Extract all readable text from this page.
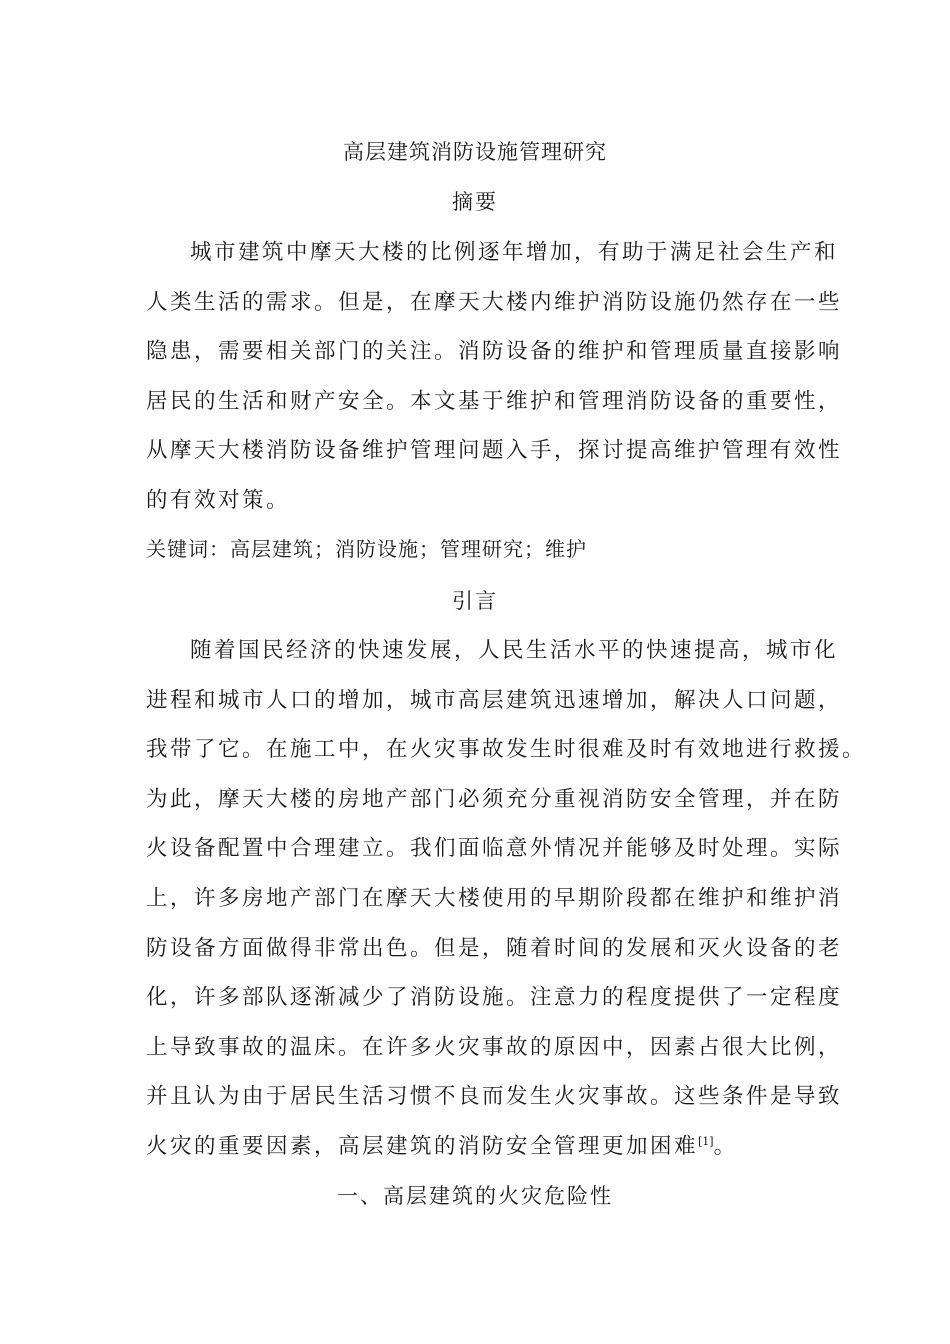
高层建筑消防设施管理研究
摘要
城市建筑中摩天大楼的比例逐年增加，有助于满足社会生产和
人类生活的需求。但是，在摩天大楼内维护消防设施仍然存在一些
隐患，需要相关部门的关注。消防设备的维护和管理质量直接影响
居民的生活和财产安全。本文基于维护和管理消防设备的重要性，
从摩天大楼消防设备维护管理问题入手，探讨提高维护管理有效性
的有效对策。
关键词：高层建筑；消防设施；管理研究；维护
引言
随着国民经济的快速发展，人民生活水平的快速提高，城市化
进程和城市人口的增加，城市高层建筑迅速增加，解决人口问题，
我带了它。在施工中，在火灾事故发生时很难及时有效地进行救援。
为此，摩天大楼的房地产部门必须充分重视消防安全管理，并在防
火设备配置中合理建立。我们面临意外情况并能够及时处理。实际
上，许多房地产部门在摩天大楼使用的早期阶段都在维护和维护消
防设备方面做得非常出色。但是，随着时间的发展和灭火设备的老
化，许多部队逐渐减少了消防设施。注意力的程度提供了一定程度
上导致事故的温床。在许多火灾事故的原因中，因素占很大比例，
并且认为由于居民生活习惯不良而发生火灾事故。这些条件是导致
火灾的重要因素，高层建筑的消防安全管理更加困难[1]。
一、高层建筑的火灾危险性
